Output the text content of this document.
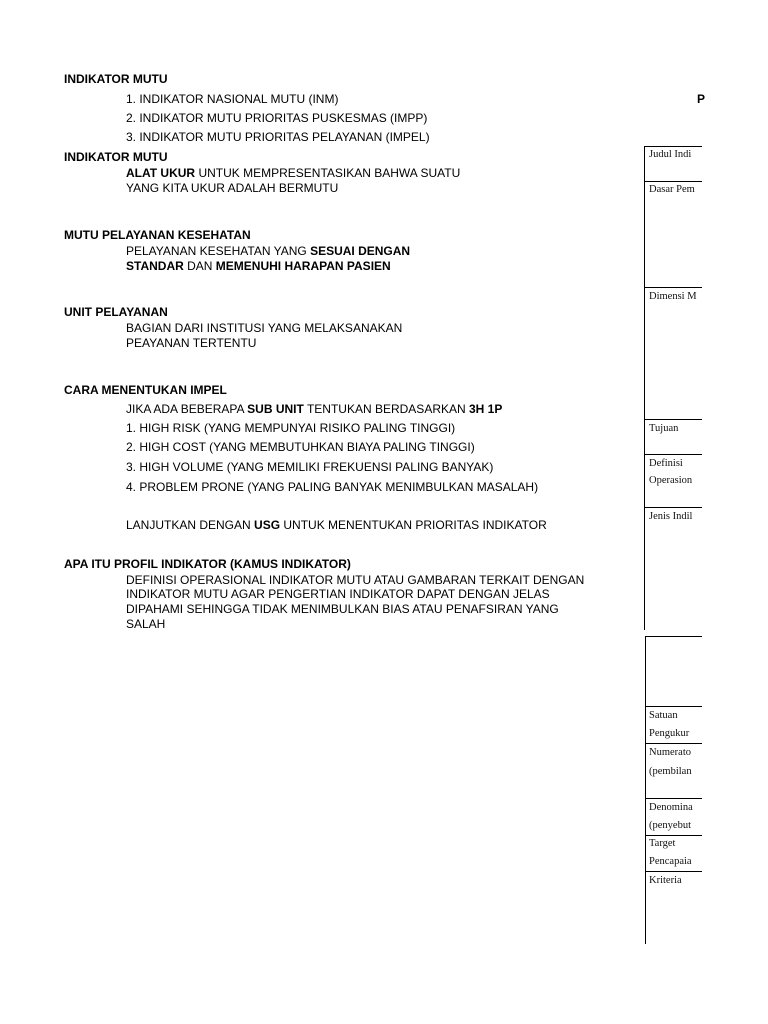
INDIKATOR MUTU
1. INDIKATOR NASIONAL MUTU (INM)
2. INDIKATOR MUTU PRIORITAS PUSKESMAS (IMPP)
3. INDIKATOR MUTU PRIORITAS PELAYANAN (IMPEL)
INDIKATOR MUTU
ALAT UKUR UNTUK MEMPRESENTASIKAN BAHWA SUATU
YANG KITA UKUR ADALAH BERMUTU
MUTU PELAYANAN KESEHATAN
PELAYANAN KESEHATAN YANG SESUAI DENGAN
STANDAR DAN MEMENUHI HARAPAN PASIEN
UNIT PELAYANAN
BAGIAN DARI INSTITUSI YANG MELAKSANAKAN
PEAYANAN TERTENTU
CARA MENENTUKAN IMPEL
JIKA ADA BEBERAPA SUB UNIT TENTUKAN BERDASARKAN 3H 1P
1. HIGH RISK (YANG MEMPUNYAI RISIKO PALING TINGGI)
2. HIGH COST (YANG MEMBUTUHKAN BIAYA PALING TINGGI)
3. HIGH VOLUME (YANG MEMILIKI FREKUENSI PALING BANYAK)
4. PROBLEM PRONE (YANG PALING BANYAK MENIMBULKAN MASALAH)
LANJUTKAN DENGAN USG UNTUK MENENTUKAN PRIORITAS INDIKATOR
APA ITU PROFIL INDIKATOR (KAMUS INDIKATOR)
DEFINISI OPERASIONAL INDIKATOR MUTU ATAU GAMBARAN TERKAIT DENGAN
INDIKATOR MUTU AGAR PENGERTIAN INDIKATOR DAPAT DENGAN JELAS
DIPAHAMI SEHINGGA TIDAK MENIMBULKAN BIAS ATAU PENAFSIRAN YANG
SALAH
P
Judul Indi
Dasar Pem
Dimensi M
Tujuan
Definisi
Operasion
Jenis Indil
Satuan
Pengukur
Numerato
(pembilan
Denomina
(penyebut
Target
Pencapaia
Kriteria
